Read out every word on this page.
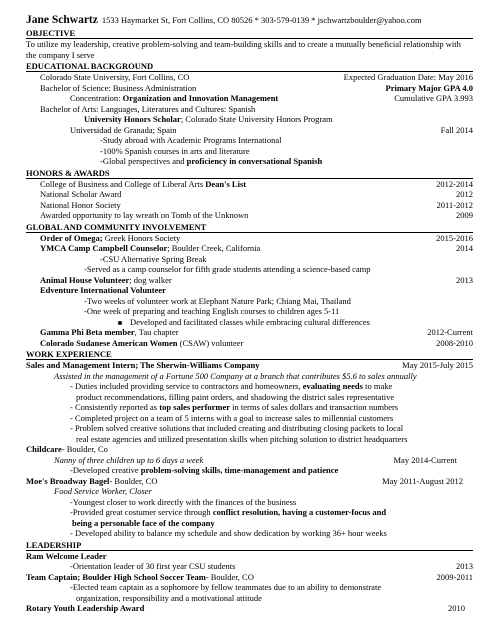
Jane Schwartz 1533 Haymarket St, Fort Collins, CO 80526 * 303-579-0139 * jschwartzboulder@yahoo.com
OBJECTIVE
To utilize my leadership, creative problem-solving and team-building skills and to create a mutually beneficial relationship with the company I serve
EDUCATIONAL BACKGROUND
Colorado State University, Fort Collins, CO	Expected Graduation Date: May 2016
Bachelor of Science: Business Administration	Primary Major GPA 4.0
Concentration: Organization and Innovation Management	Cumulative GPA 3.993
Bachelor of Arts: Languages, Literatures and Cultures: Spanish
University Honors Scholar; Colorado State University Honors Program
Universidad de Granada; Spain	Fall 2014
-Study abroad with Academic Programs International
-100% Spanish courses in arts and literature
-Global perspectives and proficiency in conversational Spanish
HONORS & AWARDS
College of Business and College of Liberal Arts Dean's List	2012-2014
National Scholar Award	2012
National Honor Society	2011-2012
Awarded opportunity to lay wreath on Tomb of the Unknown	2009
GLOBAL AND COMMUNITY INVOLVEMENT
Order of Omega; Greek Honors Society	2015-2016
YMCA Camp Campbell Counselor; Boulder Creek, California	2014
-CSU Alternative Spring Break
-Served as a camp counselor for fifth grade students attending a science-based camp
Animal House Volunteer; dog walker	2013
Edventure International Volunteer
-Two weeks of volunteer work at Elephant Nature Park; Chiang Mai, Thailand
-One week of preparing and teaching English courses to children ages 5-11
Developed and facilitated classes while embracing cultural differences
Gamma Phi Beta member, Tau chapter	2012-Current
Colorado Sudanese American Women (CSAW) volunteer	2008-2010
WORK EXPERIENCE
Sales and Management Intern; The Sherwin-Williams Company	May 2015-July 2015
Assisted in the management of a Fortune 500 Company at a branch that contributes $5.6 to sales annually
- Duties included providing service to contractors and homeowners, evaluating needs to make
product recommendations, filling paint orders, and shadowing the district sales representative
- Consistently reported as top sales performer in terms of sales dollars and transaction numbers
- Completed project on a team of 5 interns with a goal to increase sales to millennial customers
- Problem solved creative solutions that included creating and distributing closing packets to local
real estate agencies and utilized presentation skills when pitching solution to district headquarters
Childcare- Boulder, Co
Nanny of three children up to 6 days a week	May 2014-Current
-Developed creative problem-solving skills, time-management and patience
Moe's Broadway Bagel- Boulder, CO	May 2011-August 2012
Food Service Worker, Closer
-Youngest closer to work directly with the finances of the business
-Provided great costumer service through conflict resolution, having a customer-focus and
being a personable face of the company
- Developed ability to balance my schedule and show dedication by working 36+ hour weeks
LEADERSHIP
Ram Welcome Leader
-Orientation leader of 30 first year CSU students	2013
Team Captain; Boulder High School Soccer Team- Boulder, CO	2009-2011
-Elected team captain as a sophomore by fellow teammates due to an ability to demonstrate
organization, responsibility and a motivational attitude
Rotary Youth Leadership Award	2010
